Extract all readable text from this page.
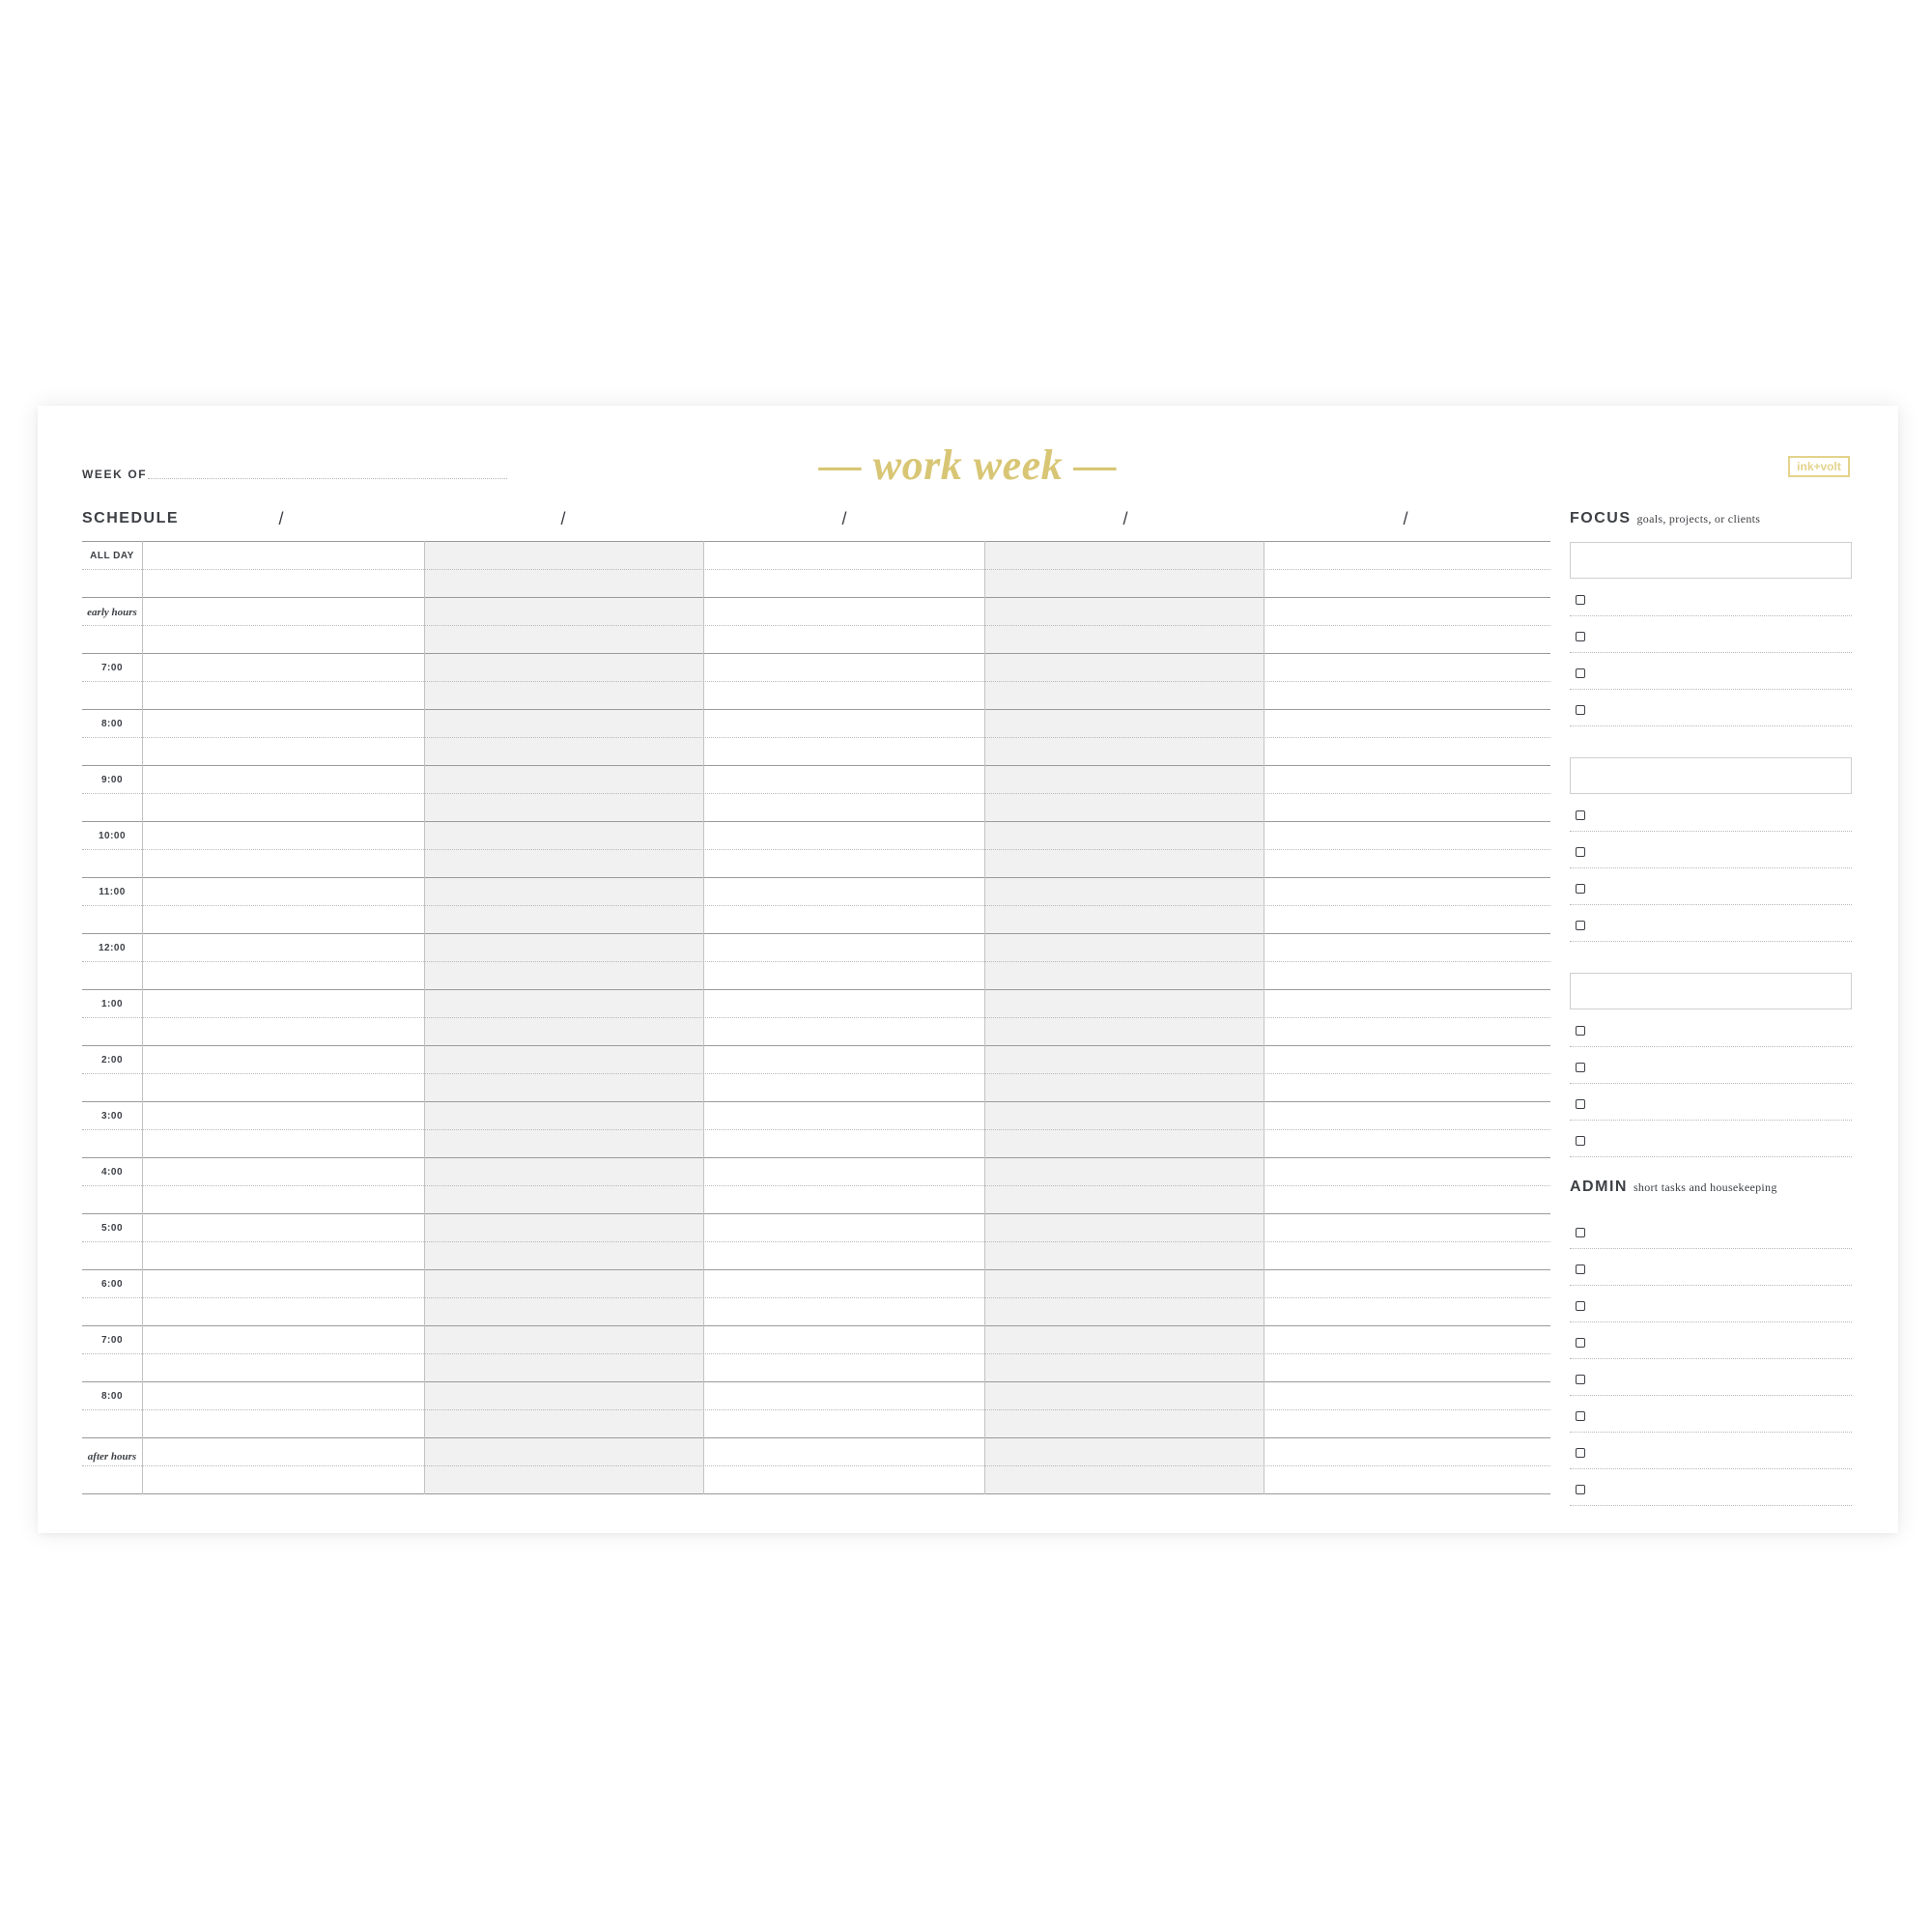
WEEK OF	— work week —	ink+volt
SCHEDULE	/	/	/	/	/
ALL DAY
early hours
7:00
8:00
9:00
10:00
11:00
12:00
1:00
2:00
3:00
4:00
5:00
6:00
7:00
8:00
after hours
FOCUS goals, projects, or clients
ADMIN short tasks and housekeeping
